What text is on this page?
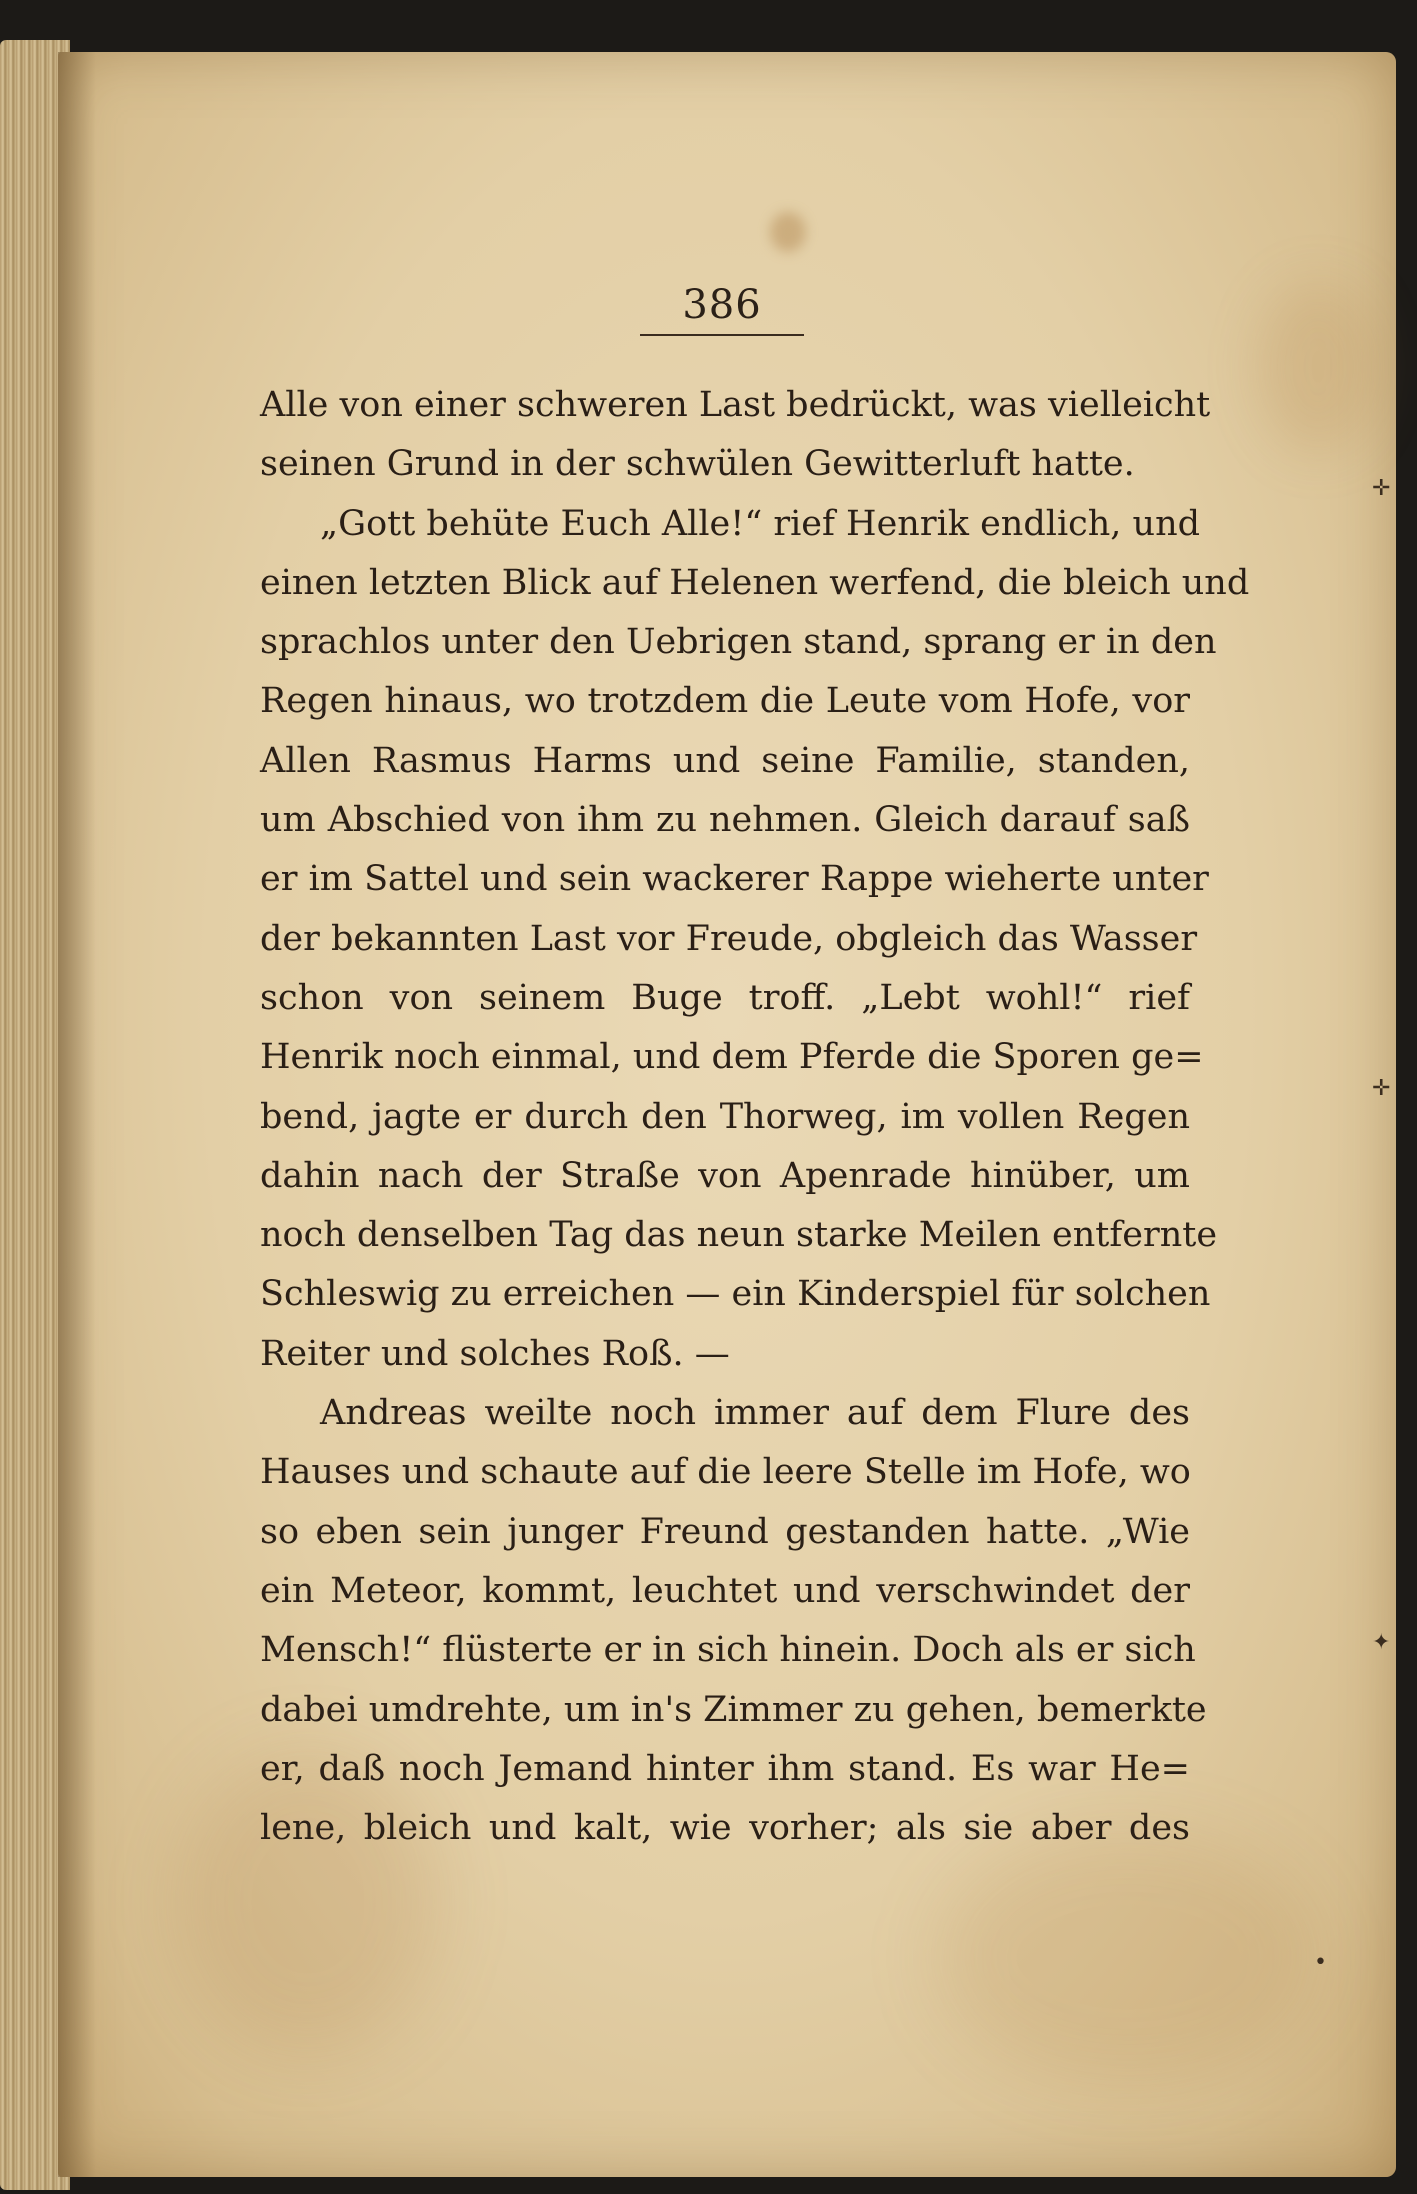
386
Alle von einer schweren Last bedrückt, was vielleicht
seinen Grund in der schwülen Gewitterluft hatte.
„Gott behüte Euch Alle!“ rief Henrik endlich, und
einen letzten Blick auf Helenen werfend, die bleich und
sprachlos unter den Uebrigen stand, sprang er in den
Regen hinaus, wo trotzdem die Leute vom Hofe, vor
Allen Rasmus Harms und seine Familie, standen,
um Abschied von ihm zu nehmen. Gleich darauf saß
er im Sattel und sein wackerer Rappe wieherte unter
der bekannten Last vor Freude, obgleich das Wasser
schon von seinem Buge troff. „Lebt wohl!“ rief
Henrik noch einmal, und dem Pferde die Sporen ge=
bend, jagte er durch den Thorweg, im vollen Regen
dahin nach der Straße von Apenrade hinüber, um
noch denselben Tag das neun starke Meilen entfernte
Schleswig zu erreichen — ein Kinderspiel für solchen
Reiter und solches Roß. —
Andreas weilte noch immer auf dem Flure des
Hauses und schaute auf die leere Stelle im Hofe, wo
so eben sein junger Freund gestanden hatte. „Wie
ein Meteor, kommt, leuchtet und verschwindet der
Mensch!“ flüsterte er in sich hinein. Doch als er sich
dabei umdrehte, um in's Zimmer zu gehen, bemerkte
er, daß noch Jemand hinter ihm stand. Es war He=
lene, bleich und kalt, wie vorher; als sie aber des
✛
✛
✦
•
